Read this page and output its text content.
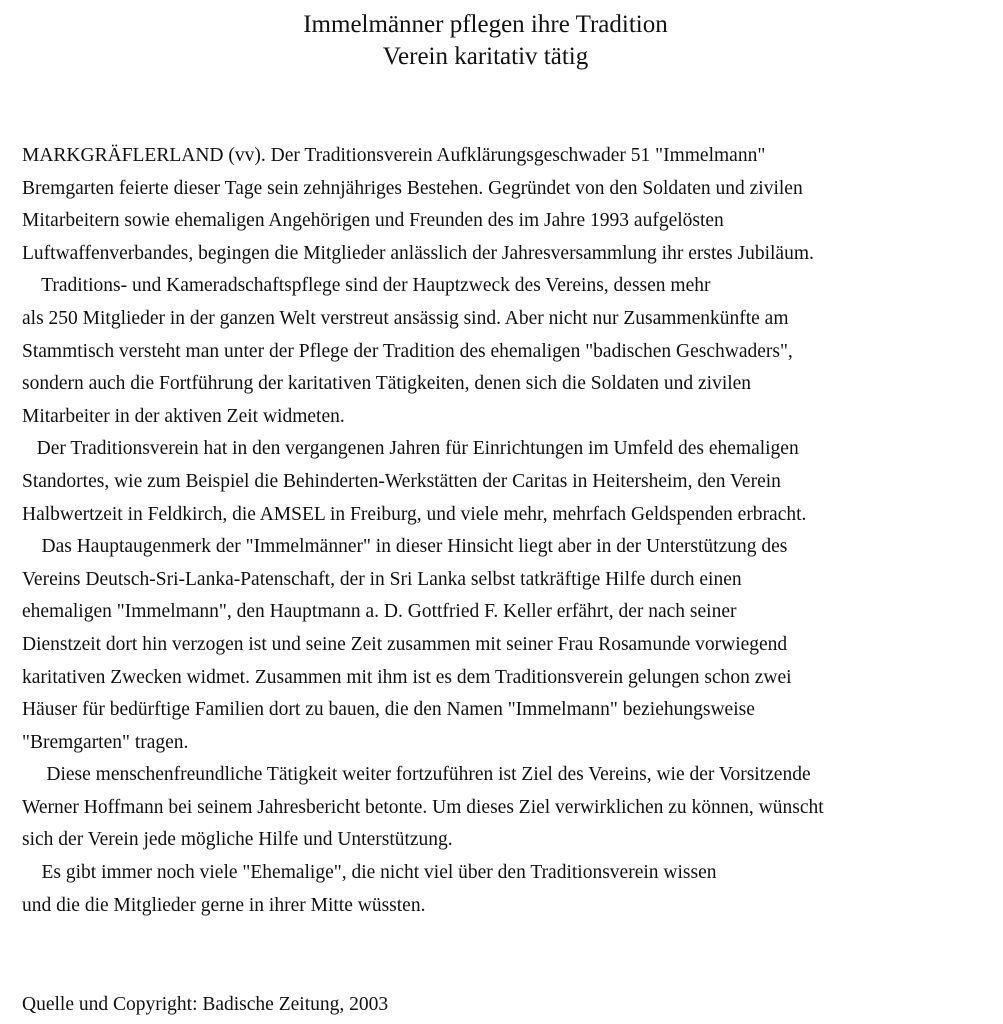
Immelmänner pflegen ihre Tradition
Verein karitativ tätig
MARKGRÄFLERLAND (vv). Der Traditionsverein Aufklärungsgeschwader 51 "Immelmann"
Bremgarten feierte dieser Tage sein zehnjähriges Bestehen. Gegründet von den Soldaten und zivilen
Mitarbeitern sowie ehemaligen Angehörigen und Freunden des im Jahre 1993 aufgelösten
Luftwaffenverbandes, begingen die Mitglieder anlässlich der Jahresversammlung ihr erstes Jubiläum.
Traditions- und Kameradschaftspflege sind der Hauptzweck des Vereins, dessen mehr
als 250 Mitglieder in der ganzen Welt verstreut ansässig sind. Aber nicht nur Zusammenkünfte am
Stammtisch versteht man unter der Pflege der Tradition des ehemaligen "badischen Geschwaders",
sondern auch die Fortführung der karitativen Tätigkeiten, denen sich die Soldaten und zivilen
Mitarbeiter in der aktiven Zeit widmeten.
Der Traditionsverein hat in den vergangenen Jahren für Einrichtungen im Umfeld des ehemaligen
Standortes, wie zum Beispiel die Behinderten-Werkstätten der Caritas in Heitersheim, den Verein
Halbwertzeit in Feldkirch, die AMSEL in Freiburg, und viele mehr, mehrfach Geldspenden erbracht.
Das Hauptaugenmerk der "Immelmänner" in dieser Hinsicht liegt aber in der Unterstützung des
Vereins Deutsch-Sri-Lanka-Patenschaft, der in Sri Lanka selbst tatkräftige Hilfe durch einen
ehemaligen "Immelmann", den Hauptmann a. D. Gottfried F. Keller erfährt, der nach seiner
Dienstzeit dort hin verzogen ist und seine Zeit zusammen mit seiner Frau Rosamunde vorwiegend
karitativen Zwecken widmet. Zusammen mit ihm ist es dem Traditionsverein gelungen schon zwei
Häuser für bedürftige Familien dort zu bauen, die den Namen "Immelmann" beziehungsweise
"Bremgarten" tragen.
Diese menschenfreundliche Tätigkeit weiter fortzuführen ist Ziel des Vereins, wie der Vorsitzende
Werner Hoffmann bei seinem Jahresbericht betonte. Um dieses Ziel verwirklichen zu können, wünscht
sich der Verein jede mögliche Hilfe und Unterstützung.
Es gibt immer noch viele "Ehemalige", die nicht viel über den Traditionsverein wissen
und die die Mitglieder gerne in ihrer Mitte wüssten.
Quelle und Copyright: Badische Zeitung, 2003
